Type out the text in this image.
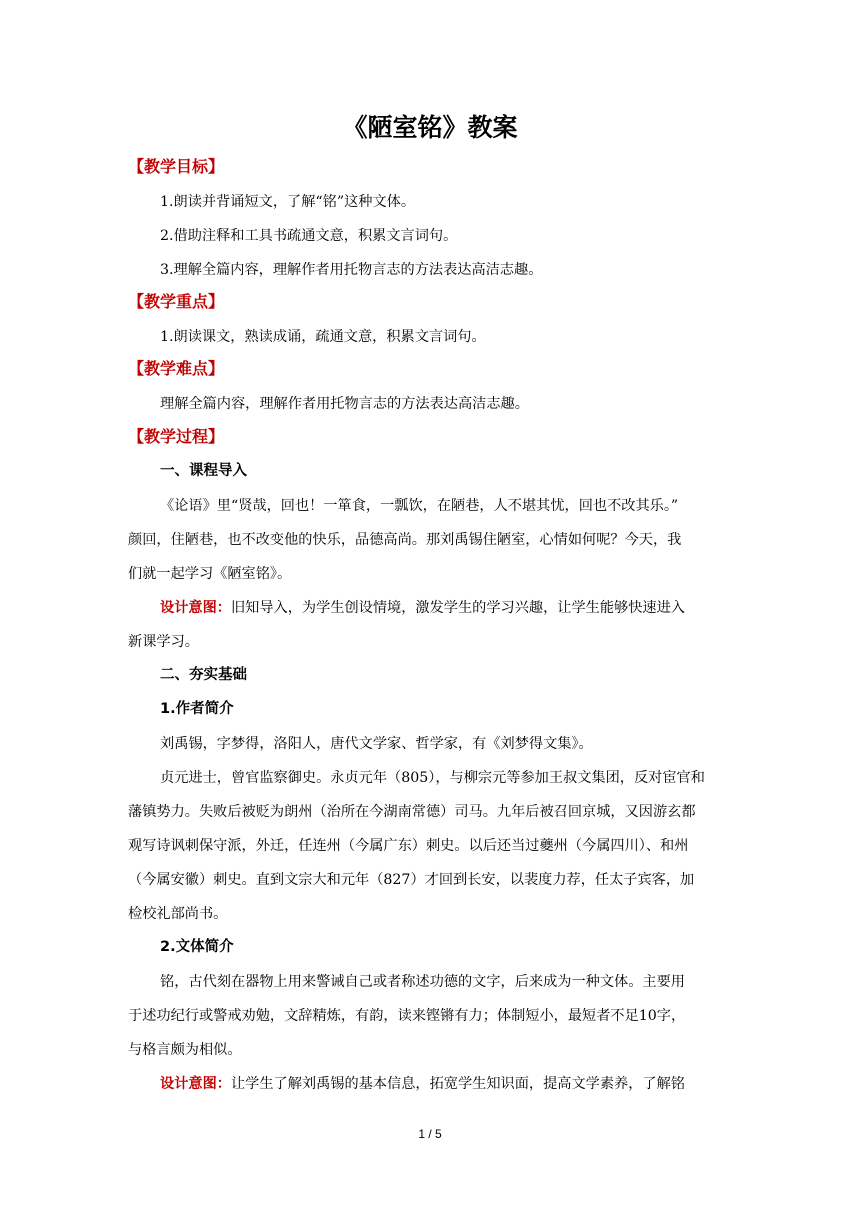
《陋室铭》教案
【教学目标】
1.朗读并背诵短文，了解“铭”这种文体。
2.借助注释和工具书疏通文意，积累文言词句。
3.理解全篇内容，理解作者用托物言志的方法表达高洁志趣。
【教学重点】
1.朗读课文，熟读成诵，疏通文意，积累文言词句。
【教学难点】
理解全篇内容，理解作者用托物言志的方法表达高洁志趣。
【教学过程】
一、课程导入
《论语》里“贤哉，回也！一箪食，一瓢饮，在陋巷，人不堪其忧，回也不改其乐。”
颜回，住陋巷，也不改变他的快乐，品德高尚。那刘禹锡住陋室，心情如何呢？今天，我
们就一起学习《陋室铭》。
设计意图：旧知导入，为学生创设情境，激发学生的学习兴趣，让学生能够快速进入
新课学习。
二、夯实基础
1.作者简介
刘禹锡，字梦得，洛阳人，唐代文学家、哲学家，有《刘梦得文集》。
贞元进士，曾官监察御史。永贞元年（805），与柳宗元等参加王叔文集团，反对宦官和
藩镇势力。失败后被贬为朗州（治所在今湖南常德）司马。九年后被召回京城，又因游玄都
观写诗讽刺保守派，外迁，任连州（今属广东）刺史。以后还当过夔州（今属四川）、和州
（今属安徽）刺史。直到文宗大和元年（827）才回到长安，以裴度力荐，任太子宾客，加
检校礼部尚书。
2.文体简介
铭，古代刻在器物上用来警诫自己或者称述功德的文字，后来成为一种文体。主要用
于述功纪行或警戒劝勉，文辞精炼，有韵，读来铿锵有力；体制短小，最短者不足10字，
与格言颇为相似。
设计意图：让学生了解刘禹锡的基本信息，拓宽学生知识面，提高文学素养，了解铭
1 / 5
